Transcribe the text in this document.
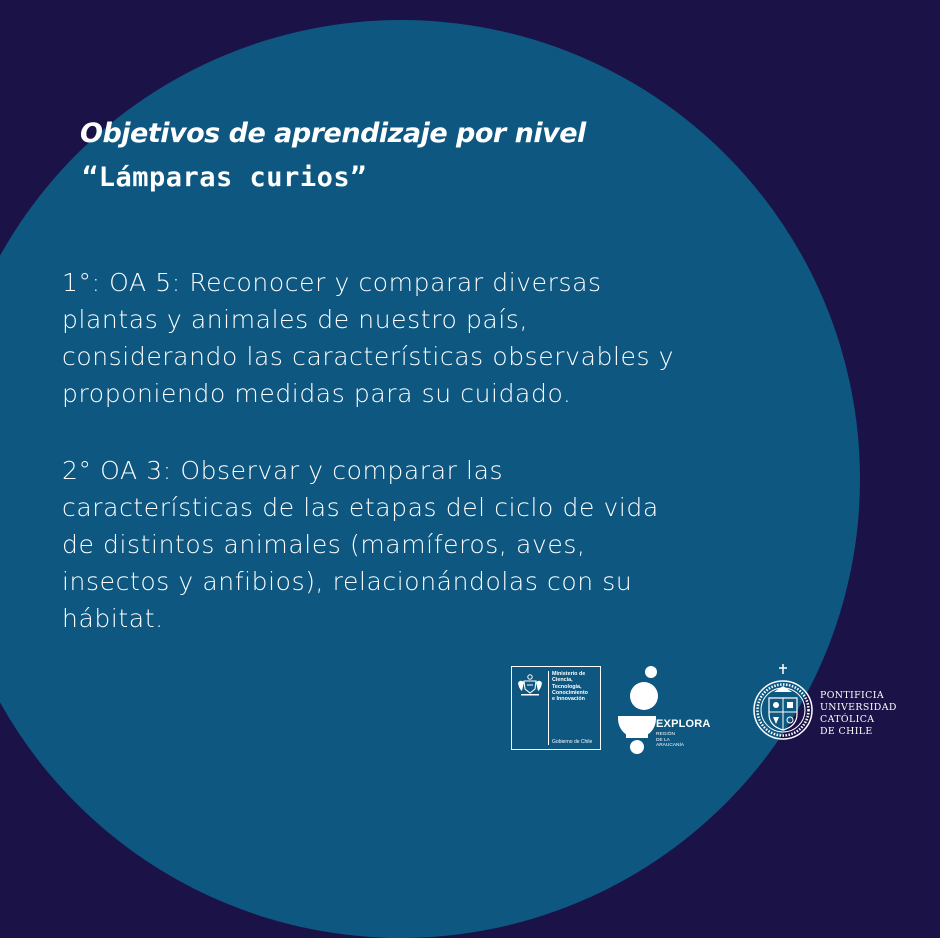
Objetivos de aprendizaje por nivel
“Lámparas curios”

1°: OA 5: Reconocer y comparar diversas
plantas y animales de nuestro país,
considerando las características observables y
proponiendo medidas para su cuidado.

2° OA 3: Observar y comparar las
características de las etapas del ciclo de vida
de distintos animales (mamíferos, aves,
insectos y anfibios), relacionándolas con su
hábitat.

Ministerio de
Ciencia,
Tecnología,
Conocimiento
e Innovación
Gobierno de Chile
EXPLORA
REGIÓN
DE LA
ARAUCANÍA
PONTIFICIA
UNIVERSIDAD
CATÓLICA
DE CHILE
